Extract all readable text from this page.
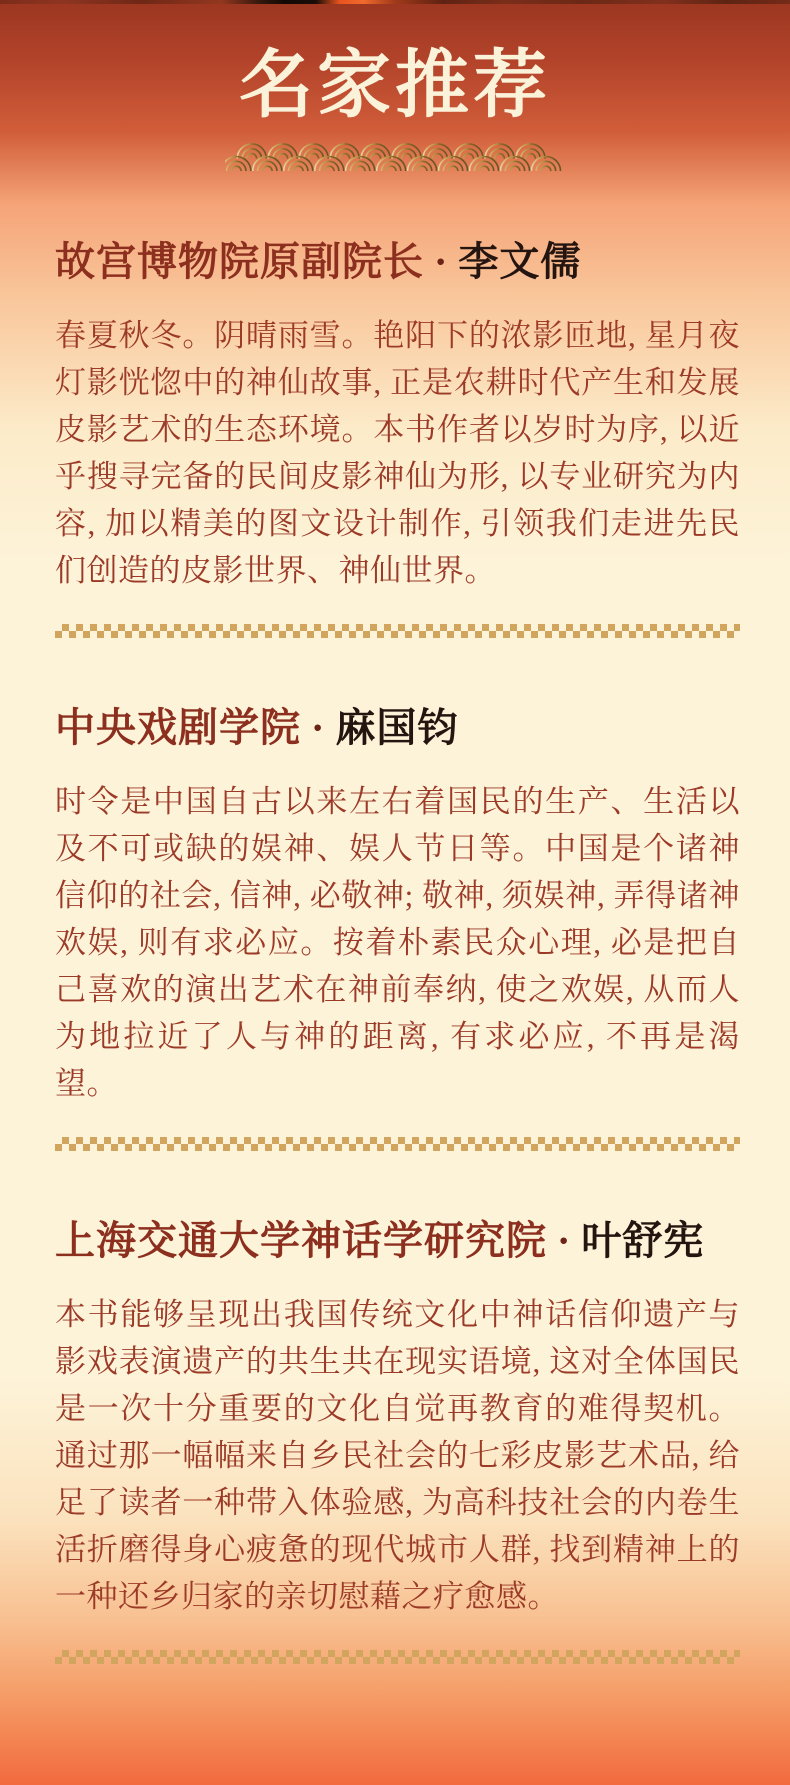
名家推荐
故宫博物院原副院长 · 李文儒

春夏秋冬。阴晴雨雪。艳阳下的浓影匝地, 星月夜灯影恍惚中的神仙故事, 正是农耕时代产生和发展皮影艺术的生态环境。本书作者以岁时为序, 以近乎搜寻完备的民间皮影神仙为形, 以专业研究为内容, 加以精美的图文设计制作, 引领我们走进先民们创造的皮影世界、神仙世界。

中央戏剧学院 · 麻国钧

时令是中国自古以来左右着国民的生产、生活以及不可或缺的娱神、娱人节日等。中国是个诸神信仰的社会, 信神, 必敬神; 敬神, 须娱神, 弄得诸神欢娱, 则有求必应。按着朴素民众心理, 必是把自己喜欢的演出艺术在神前奉纳, 使之欢娱, 从而人为地拉近了人与神的距离, 有求必应, 不再是渴望。

上海交通大学神话学研究院 · 叶舒宪

本书能够呈现出我国传统文化中神话信仰遗产与影戏表演遗产的共生共在现实语境, 这对全体国民是一次十分重要的文化自觉再教育的难得契机。通过那一幅幅来自乡民社会的七彩皮影艺术品, 给足了读者一种带入体验感, 为高科技社会的内卷生活折磨得身心疲惫的现代城市人群, 找到精神上的一种还乡归家的亲切慰藉之疗愈感。
